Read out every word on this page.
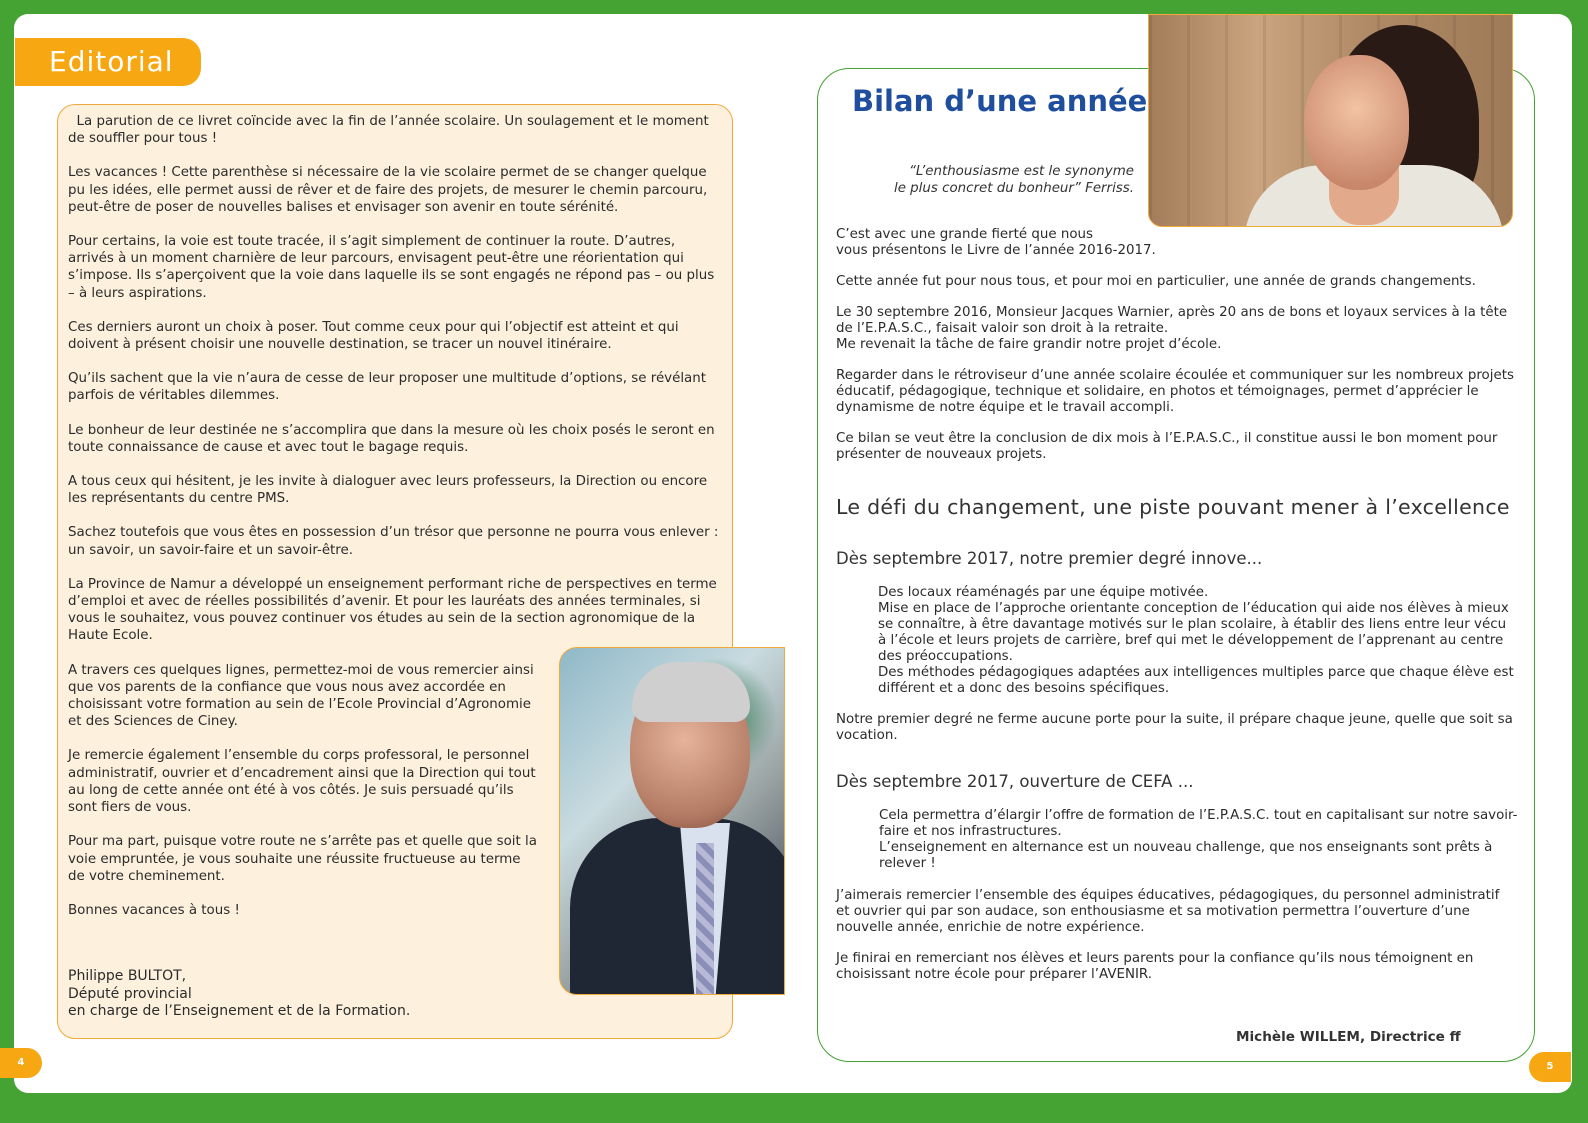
Editorial

La parution de ce livret coïncide avec la fin de l’année scolaire. Un soulagement et le moment de souffler pour tous !

Les vacances ! Cette parenthèse si nécessaire de la vie scolaire permet de se changer quelque pu les idées, elle permet aussi de rêver et de faire des projets, de mesurer le chemin parcouru, peut-être de poser de nouvelles balises et envisager son avenir en toute sérénité.

Pour certains, la voie est toute tracée, il s’agit simplement de continuer la route. D’autres, arrivés à un moment charnière de leur parcours, envisagent peut-être une réorientation qui s’impose. Ils s’aperçoivent que la voie dans laquelle ils se sont engagés ne répond pas – ou plus – à leurs aspirations.

Ces derniers auront un choix à poser. Tout comme ceux pour qui l’objectif est atteint et qui doivent à présent choisir une nouvelle destination, se tracer un nouvel itinéraire.

Qu’ils sachent que la vie n’aura de cesse de leur proposer une multitude d’options, se révélant parfois de véritables dilemmes.

Le bonheur de leur destinée ne s’accomplira que dans la mesure où les choix posés le seront en toute connaissance de cause et avec tout le bagage requis.

A tous ceux qui hésitent, je les invite à dialoguer avec leurs professeurs, la Direction ou encore les représentants du centre PMS.

Sachez toutefois que vous êtes en possession d’un trésor que personne ne pourra vous enlever : un savoir, un savoir-faire et un savoir-être.

La Province de Namur a développé un enseignement performant riche de perspectives en terme d’emploi et avec de réelles possibilités d’avenir. Et pour les lauréats des années terminales, si vous le souhaitez, vous pouvez continuer vos études au sein de la section agronomique de la Haute Ecole.

A travers ces quelques lignes, permettez-moi de vous remercier ainsi que vos parents de la confiance que vous nous avez accordée en choisissant votre formation au sein de l’Ecole Provincial d’Agronomie et des Sciences de Ciney.

Je remercie également l’ensemble du corps professoral, le personnel administratif, ouvrier et d’encadrement ainsi que la Direction qui tout au long de cette année ont été à vos côtés. Je suis persuadé qu’ils sont fiers de vous.

Pour ma part, puisque votre route ne s’arrête pas et quelle que soit la voie empruntée, je vous souhaite une réussite fructueuse au terme de votre cheminement.

Bonnes vacances à tous !

Philippe BULTOT,
Député provincial
en charge de l’Enseignement et de la Formation.
4
Bilan d’une année
“L’enthousiasme est le synonyme
le plus concret du bonheur” Ferriss.

C’est avec une grande fierté que nous
vous présentons le Livre de l’année 2016-2017.

Cette année fut pour nous tous, et pour moi en particulier, une année de grands changements.

Le 30 septembre 2016, Monsieur Jacques Warnier, après 20 ans de bons et loyaux services à la tête de l’E.P.A.S.C., faisait valoir son droit à la retraite.
Me revenait la tâche de faire grandir notre projet d’école.

Regarder dans le rétroviseur d’une année scolaire écoulée et communiquer sur les nombreux projets éducatif, pédagogique, technique et solidaire, en photos et témoignages, permet d’apprécier le dynamisme de notre équipe et le travail accompli.

Ce bilan se veut être la conclusion de dix mois à l’E.P.A.S.C., il constitue aussi le bon moment pour présenter de nouveaux projets.

Le défi du changement, une piste pouvant mener à l’excellence
Dès septembre 2017, notre premier degré innove...

Des locaux réaménagés par une équipe motivée.

Mise en place de l’approche orientante conception de l’éducation qui aide nos élèves à mieux se connaître, à être davantage motivés sur le plan scolaire, à établir des liens entre leur vécu à l’école et leurs projets de carrière, bref qui met le développement de l’apprenant au centre des préoccupations.

Des méthodes pédagogiques adaptées aux intelligences multiples parce que chaque élève est différent et a donc des besoins spécifiques.

Notre premier degré ne ferme aucune porte pour la suite, il prépare chaque jeune, quelle que soit sa vocation.

Dès septembre 2017, ouverture de CEFA ...

Cela permettra d’élargir l’offre de formation de l’E.P.A.S.C. tout en capitalisant sur notre savoir-faire et nos infrastructures.

L’enseignement en alternance est un nouveau challenge, que nos enseignants sont prêts à relever !

J’aimerais remercier l’ensemble des équipes éducatives, pédagogiques, du personnel administratif et ouvrier qui par son audace, son enthousiasme et sa motivation permettra l’ouverture d’une nouvelle année, enrichie de notre expérience.

Je finirai en remerciant nos élèves et leurs parents pour la confiance qu’ils nous témoignent en choisissant notre école pour préparer l’AVENIR.

Michèle WILLEM, Directrice ff
5
